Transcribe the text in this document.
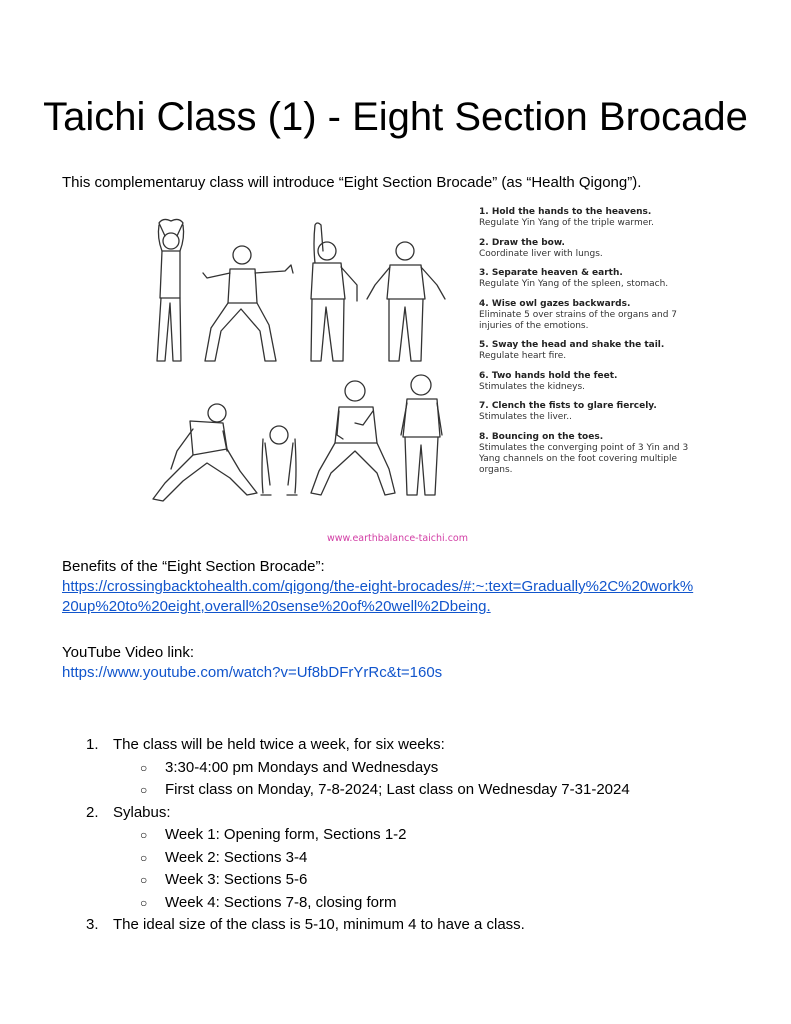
Taichi Class (1) - Eight Section Brocade
This complementaruy class will introduce “Eight Section Brocade” (as “Health Qigong”).
1. Hold the hands to the heavens.
Regulate Yin Yang of the triple warmer.
2. Draw the bow.
Coordinate liver with lungs.
3. Separate heaven & earth.
Regulate Yin Yang of the spleen, stomach.
4. Wise owl gazes backwards.
Eliminate 5 over strains of the organs and 7 injuries of the emotions.
5. Sway the head and shake the tail.
Regulate heart fire.
6. Two hands hold the feet.
Stimulates the kidneys.
7. Clench the fists to glare fiercely.
Stimulates the liver..
8. Bouncing on the toes.
Stimulates the converging point of 3 Yin and 3 Yang channels on the foot covering multiple organs.
www.earthbalance-taichi.com
Benefits of the “Eight Section Brocade”:
https://crossingbacktohealth.com/qigong/the-eight-brocades/#:~:text=Gradually%2C%20work%
20up%20to%20eight,overall%20sense%20of%20well%2Dbeing.
YouTube Video link:
https://www.youtube.com/watch?v=Uf8bDFrYrRc&t=160s
1. The class will be held twice a week, for six weeks:
○ 3:30-4:00 pm Mondays and Wednesdays
○ First class on Monday, 7-8-2024; Last class on Wednesday 7-31-2024
2. Sylabus:
○ Week 1: Opening form, Sections 1-2
○ Week 2: Sections 3-4
○ Week 3: Sections 5-6
○ Week 4: Sections 7-8, closing form
3. The ideal size of the class is 5-10, minimum 4 to have a class.
